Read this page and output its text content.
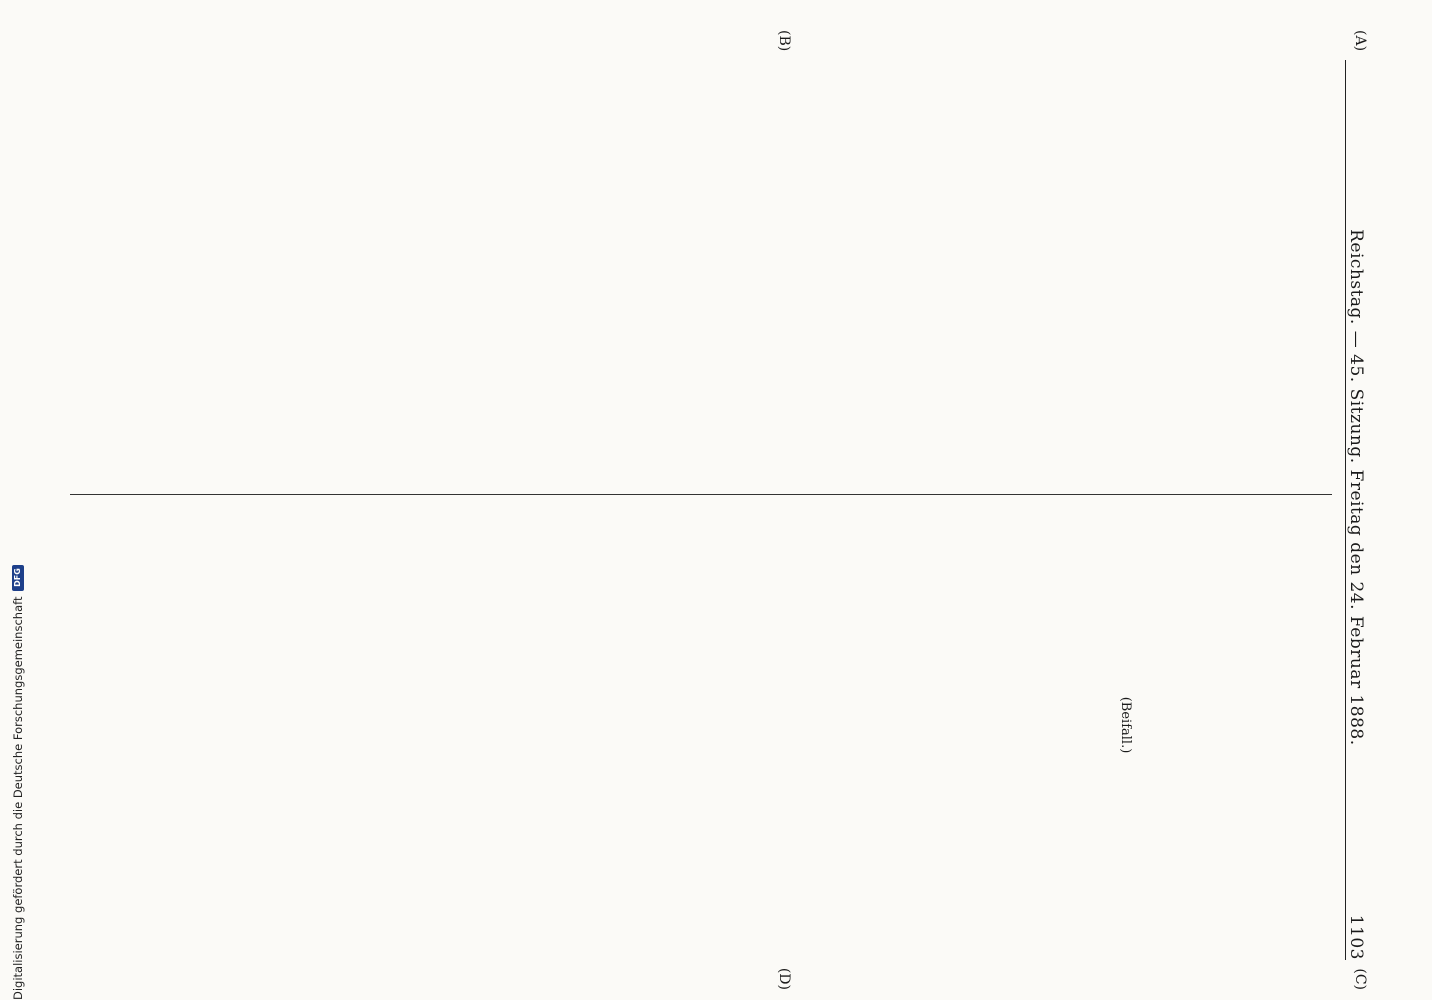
Reichstag. — 45. Sitzung. Freitag den 24. Februar 1888.
1103
(A)
(B)
(C)
(D)

(Beifall.)

Digitalisierung gefördert durch die Deutsche Forschungsgemeinschaft
DFG
